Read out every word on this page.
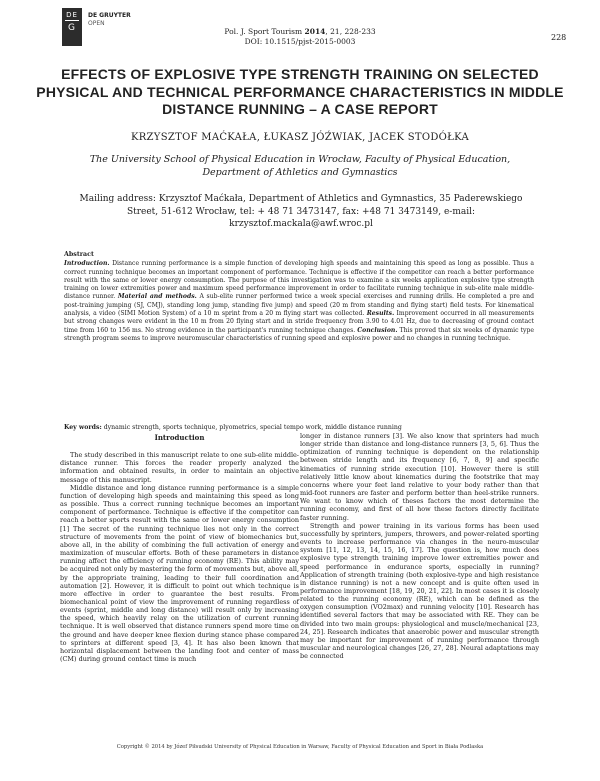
DE
G
DE GRUYTER
OPEN
Pol. J. Sport Tourism 2014, 21, 228-233
DOI: 10.1515/pjst-2015-0003	228
EFFECTS OF EXPLOSIVE TYPE STRENGTH TRAINING ON SELECTED PHYSICAL AND TECHNICAL PERFORMANCE CHARACTERISTICS IN MIDDLE DISTANCE RUNNING – A CASE REPORT
KRZYSZTOF MAĆKAŁA, ŁUKASZ JÓŹWIAK, JACEK STODÓŁKA
The University School of Physical Education in Wrocław, Faculty of Physical Education, Department of Athletics and Gymnastics
Mailing address: Krzysztof Maćkała, Department of Athletics and Gymnastics, 35 Paderewskiego Street, 51-612 Wrocław, tel: + 48 71 3473147, fax: +48 71 3473149, e-mail: krzysztof.mackala@awf.wroc.pl
Abstract
Introduction. Distance running performance is a simple function of developing high speeds and maintaining this speed as long as possible. Thus a correct running technique becomes an important component of performance. Technique is effective if the competitor can reach a better performance result with the same or lower energy consumption. The purpose of this investigation was to examine a six weeks application explosive type strength training on lower extremities power and maximum speed performance improvement in order to facilitate running technique in sub-elite male middle-distance runner. Material and methods. A sub-elite runner performed twice a week special exercises and running drills. He completed a pre and post-training jumping (SJ, CMJ), standing long jump, standing five jump) and speed (20 m from standing and flying start) field tests. For kinematical analysis, a video (SIMI Motion System) of a 10 m sprint from a 20 m flying start was collected. Results. Improvement occurred in all measurements but strong changes were evident in the 10 m from 20 flying start and in stride frequency from 3.90 to 4.01 Hz, due to decreasing of ground contact time from 160 to 156 ms. No strong evidence in the participant's running technique changes. Conclusion. This proved that six weeks of dynamic type strength program seems to improve neuromuscular characteristics of running speed and explosive power and no changes in running technique.
Key words: dynamic strength, sports technique, plyometrics, special tempo work, middle distance running

Introduction

The study described in this manuscript relate to one sub-elite middle-distance runner. This forces the reader properly analyzed the information and obtained results, in order to maintain an objective message of this manuscript.

Middle distance and long distance running performance is a simple function of developing high speeds and maintaining this speed as long as possible. Thus a correct running technique becomes an important component of performance. Technique is effective if the competitor can reach a better sports result with the same or lower energy consumption [1] The secret of the running technique lies not only in the correct structure of movements from the point of view of biomechanics but, above all, in the ability of combining the full activation of energy and maximization of muscular efforts. Both of these parameters in distance running affect the efficiency of running economy (RE). This ability may be acquired not only by mastering the form of movements but, above all, by the appropriate training, leading to their full coordination and automation [2]. However, it is difficult to point out which technique is more effective in order to guarantee the best results. From biomechanical point of view the improvement of running regardless of events (sprint, middle and long distance) will result only by increasing the speed, which heavily relay on the utilization of current running technique. It is well observed that distance runners spend more time on the ground and have deeper knee flexion during stance phase compared to sprinters at different speed [3, 4]. It has also been known that horizontal displacement between the landing foot and center of mass (CM) during ground contact time is much

longer in distance runners [3]. We also know that sprinters had much longer stride than distance and long-distance runners [3, 5, 6]. Thus the optimization of running technique is dependent on the relationship between stride length and its frequency [6, 7, 8, 9] and specific kinematics of running stride execution [10]. However there is still relatively little know about kinematics during the footstrike that may concerns where your feet land relative to your body rather than that mid-foot runners are faster and perform better than heel-strike runners. We want to know which of theses factors the most determine the running economy, and first of all how these factors directly facilitate faster running.

Strength and power training in its various forms has been used successfully by sprinters, jumpers, throwers, and power-related sporting events to increase performance via changes in the neuro-muscular system [11, 12, 13, 14, 15, 16, 17]. The question is, how much does explosive type strength training improve lower extremities power and speed performance in endurance sports, especially in running? Application of strength training (both explosive-type and high resistance in distance running) is not a new concept and is quite often used in performance improvement [18, 19, 20, 21, 22]. In most cases it is closely related to the running economy (RE), which can be defined as the oxygen consumption (VO2max) and running velocity [10]. Research has identified several factors that may be associated with RE. They can be divided into two main groups: physiological and muscle/mechanical [23, 24, 25]. Research indicates that anaerobic power and muscular strength may be important for improvement of running performance through muscular and neurological changes [26, 27, 28]. Neural adaptations may be connected

Copyright © 2014 by Józef Piłsudski University of Physical Education in Warsaw, Faculty of Physical Education and Sport in Biała Podlaska
